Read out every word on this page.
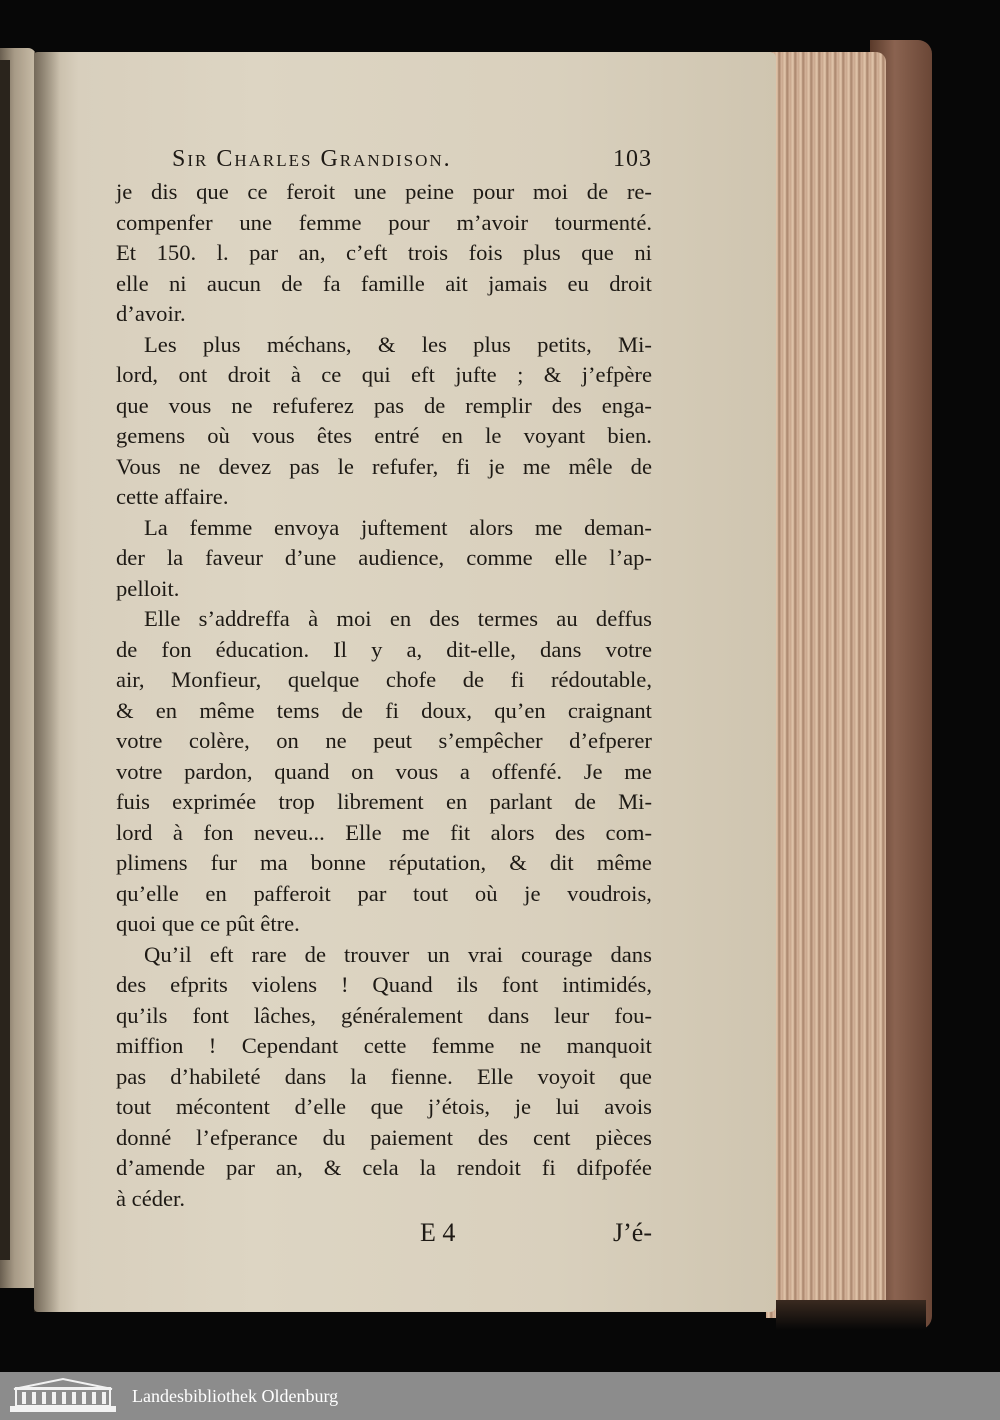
Sir Charles Grandison.	103
je dis que ce feroit une peine pour moi de re-
compenfer une femme pour m’avoir tourmenté.
Et 150. l. par an, c’eft trois fois plus que ni
elle ni aucun de fa famille ait jamais eu droit
d’avoir.
Les plus méchans, & les plus petits, Mi-
lord, ont droit à ce qui eft jufte ; & j’efpère
que vous ne refuferez pas de remplir des enga-
gemens où vous êtes entré en le voyant bien.
Vous ne devez pas le refufer, fi je me mêle de
cette affaire.
La femme envoya juftement alors me deman-
der la faveur d’une audience, comme elle l’ap-
pelloit.
Elle s’addreffa à moi en des termes au deffus
de fon éducation. Il y a, dit-elle, dans votre
air, Monfieur, quelque chofe de fi rédoutable,
& en même tems de fi doux, qu’en craignant
votre colère, on ne peut s’empêcher d’efperer
votre pardon, quand on vous a offenfé. Je me
fuis exprimée trop librement en parlant de Mi-
lord à fon neveu... Elle me fit alors des com-
plimens fur ma bonne réputation, & dit même
qu’elle en pafferoit par tout où je voudrois,
quoi que ce pût être.
Qu’il eft rare de trouver un vrai courage dans
des efprits violens ! Quand ils font intimidés,
qu’ils font lâches, généralement dans leur fou-
miffion ! Cependant cette femme ne manquoit
pas d’habileté dans la fienne. Elle voyoit que
tout mécontent d’elle que j’étois, je lui avois
donné l’efperance du paiement des cent pièces
d’amende par an, & cela la rendoit fi difpofée
à céder.
E 4	J’é-
Landesbibliothek Oldenburg
